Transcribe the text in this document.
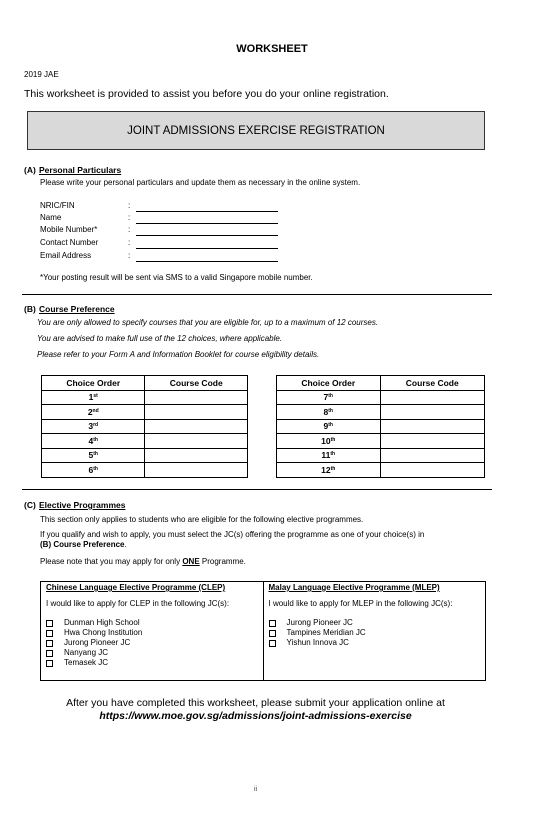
WORKSHEET
2019 JAE
This worksheet is provided to assist you before you do your online registration.
JOINT ADMISSIONS EXERCISE REGISTRATION
(A) Personal Particulars
Please write your personal particulars and update them as necessary in the online system.
NRIC/FIN	:
Name	:
Mobile Number*	:
Contact Number	:
Email Address	:
*Your posting result will be sent via SMS to a valid Singapore mobile number.
(B) Course Preference
You are only allowed to specify courses that you are eligible for, up to a maximum of 12 courses.
You are advised to make full use of the 12 choices, where applicable.
Please refer to your Form A and Information Booklet for course eligibility details.
Choice Order	Course Code
1st	
2nd	
3rd	
4th	
5th	
6th	
Choice Order	Course Code
7th	
8th	
9th	
10th	
11th	
12th	
(C) Elective Programmes
This section only applies to students who are eligible for the following elective programmes.
If you qualify and wish to apply, you must select the JC(s) offering the programme as one of your choice(s) in
(B) Course Preference.
Please note that you may apply for only ONE Programme.
Chinese Language Elective Programme (CLEP)
I would like to apply for CLEP in the following JC(s):
Dunman High School
Hwa Chong Institution
Jurong Pioneer JC
Nanyang JC
Temasek JC
Malay Language Elective Programme (MLEP)
I would like to apply for MLEP in the following JC(s):
Jurong Pioneer JC
Tampines Meridian JC
Yishun Innova JC
After you have completed this worksheet, please submit your application online at
https://www.moe.gov.sg/admissions/joint-admissions-exercise
ii
